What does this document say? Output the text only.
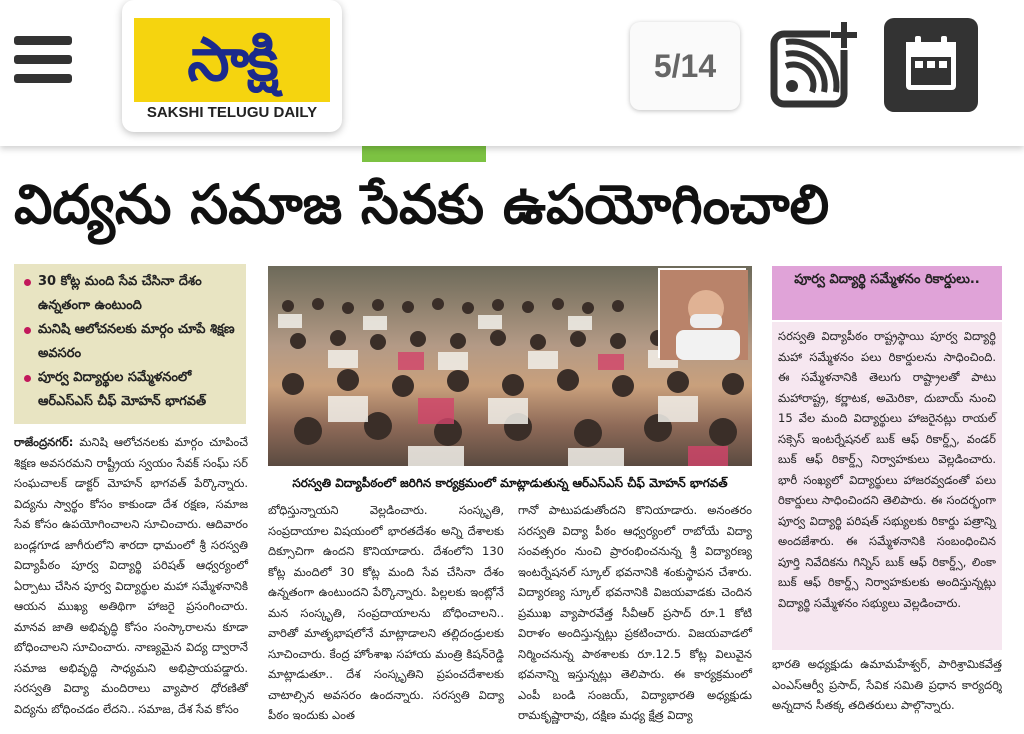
సాక్షి
SAKSHI TELUGU DAILY
5/14
విద్యను సమాజ సేవకు ఉపయోగించాలి
30 కోట్ల మంది సేవ చేసినా దేశం ఉన్నతంగా ఉంటుంది
మనిషి ఆలోచనలకు మార్గం చూపే శిక్షణ అవసరం
పూర్వ విద్యార్థుల సమ్మేళనంలో ఆర్ఎస్ఎస్ చీఫ్ మోహన్ భాగవత్
రాజేంద్రనగర్: మనిషి ఆలోచనలకు మార్గం చూపించే శిక్షణ అవసరమని రాష్ట్రీయ స్వయం సేవక్ సంఘ్ సర్ సంఘచాలక్ డాక్టర్ మోహన్ భాగవత్ పేర్కొన్నారు. విద్యను స్వార్థం కోసం కాకుండా దేశ రక్షణ, సమాజ సేవ కోసం ఉపయోగించాలని సూచించారు. ఆదివారం బండ్లగూడ జాగీరులోని శారదా ధామంలో శ్రీ సరస్వతి విద్యాపీఠం పూర్వ విద్యార్థి పరిషత్ ఆధ్వర్యంలో ఏర్పాటు చేసిన పూర్వ విద్యార్థుల మహా సమ్మేళనానికి ఆయన ముఖ్య అతిథిగా హాజరై ప్రసంగించారు. మానవ జాతి అభివృద్ధి కోసం సంస్కారాలను కూడా బోధించాలని సూచించారు. నాణ్యమైన విద్య ద్వారానే సమాజ అభివృద్ధి సాధ్యమని అభిప్రాయపడ్డారు. సరస్వతి విద్యా మందిరాలు వ్యాపార ధోరణితో విద్యను బోధించడం లేదని.. సమాజ, దేశ సేవ కోసం
సరస్వతి విద్యాపీఠంలో జరిగిన కార్యక్రమంలో మాట్లాడుతున్న ఆర్ఎస్ఎస్ చీఫ్ మోహన్ భాగవత్
బోధిస్తున్నాయని వెల్లడించారు. సంస్కృతి, సంప్రదాయాల విషయంలో భారతదేశం అన్ని దేశాలకు దిక్సూచిగా ఉందని కొనియాడారు. దేశంలోని 130 కోట్ల మందిలో 30 కోట్ల మంది సేవ చేసినా దేశం ఉన్నతంగా ఉంటుందని పేర్కొన్నారు. పిల్లలకు ఇంట్లోనే మన సంస్కృతి, సంప్రదాయాలను బోధించాలని.. వారితో మాతృభాషలోనే మాట్లాడాలని తల్లిదండ్రులకు సూచించారు. కేంద్ర హోంశాఖ సహాయ మంత్రి కిషన్‌రెడ్డి మాట్లాడుతూ.. దేశ సంస్కృతిని ప్రపంచదేశాలకు చాటాల్సిన అవసరం ఉందన్నారు. సరస్వతి విద్యా పీఠం ఇందుకు ఎంత
గానో పాటుపడుతోందని కొనియాడారు. అనంతరం సరస్వతి విద్యా పీఠం ఆధ్వర్యంలో రాబోయే విద్యా సంవత్సరం నుంచి ప్రారంభించనున్న శ్రీ విద్యారణ్య ఇంటర్నేషనల్ స్కూల్ భవనానికి శంకుస్థాపన చేశారు. విద్యారణ్య స్కూల్ భవనానికి విజయవాడకు చెందిన ప్రముఖ వ్యాపారవేత్త సీవీఆర్ ప్రసాద్ రూ.1 కోటి విరాళం అందిస్తున్నట్లు ప్రకటించారు. విజయవాడలో నిర్మించనున్న పాఠశాలకు రూ.12.5 కోట్ల విలువైన భవనాన్ని ఇస్తున్నట్లు తెలిపారు. ఈ కార్యక్రమంలో ఎంపీ బండి సంజయ్, విద్యాభారతి అధ్యక్షుడు రామకృష్ణారావు, దక్షిణ మధ్య క్షేత్ర విద్యా
పూర్వ విద్యార్థి సమ్మేళనం రికార్డులు..
సరస్వతి విద్యాపీఠం రాష్ట్రస్థాయి పూర్వ విద్యార్థి మహా సమ్మేళనం పలు రికార్డులను సాధించింది. ఈ సమ్మేళనానికి తెలుగు రాష్ట్రాలతో పాటు మహారాష్ట్ర, కర్ణాటక, అమెరికా, దుబాయ్ నుంచి 15 వేల మంది విద్యార్థులు హాజరైనట్లు రాయల్ సక్సెస్ ఇంటర్నేషనల్ బుక్ ఆఫ్ రికార్డ్స్, వండర్ బుక్ ఆఫ్ రికార్డ్స్ నిర్వాహకులు వెల్లడించారు. భారీ సంఖ్యలో విద్యార్థులు హాజరవ్వడంతో పలు రికార్డులు సాధించిందని తెలిపారు. ఈ సందర్భంగా పూర్వ విద్యార్థి పరిషత్ సభ్యులకు రికార్డు పత్రాన్ని అందజేశారు. ఈ సమ్మేళనానికి సంబంధించిన పూర్తి నివేదికను గిన్నిస్ బుక్ ఆఫ్ రికార్డ్స్, లింకా బుక్ ఆఫ్ రికార్డ్స్ నిర్వాహకులకు అందిస్తున్నట్లు విద్యార్థి సమ్మేళనం సభ్యులు వెల్లడించారు.
భారతి అధ్యక్షుడు ఉమామహేశ్వర్, పారిశ్రామికవేత్త ఎంఎస్ఆర్వీ ప్రసాద్, సేవిక సమితి ప్రధాన కార్యదర్శి అన్నదాన సీతక్క తదితరులు పాల్గొన్నారు.
